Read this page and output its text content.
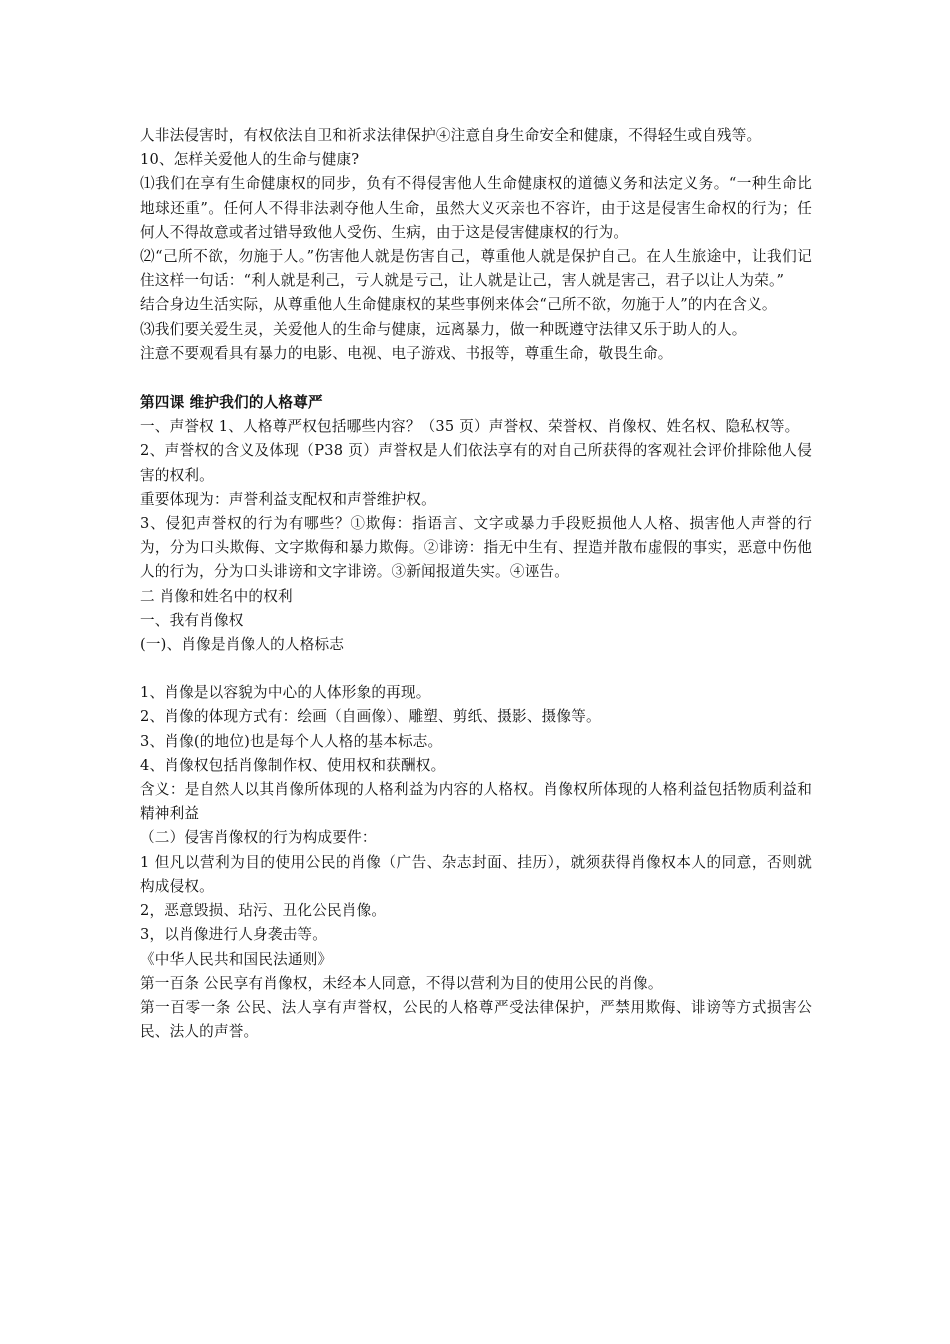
人非法侵害时，有权依法自卫和祈求法律保护④注意自身生命安全和健康，不得轻生或自残等。

10、怎样关爱他人的生命与健康?

⑴我们在享有生命健康权的同步，负有不得侵害他人生命健康权的道德义务和法定义务。“一种生命比地球还重”。任何人不得非法剥夺他人生命，虽然大义灭亲也不容许，由于这是侵害生命权的行为；任何人不得故意或者过错导致他人受伤、生病，由于这是侵害健康权的行为。

⑵“己所不欲，勿施于人。”伤害他人就是伤害自己，尊重他人就是保护自己。在人生旅途中，让我们记住这样一句话：“利人就是利己，亏人就是亏己，让人就是让己，害人就是害己，君子以让人为荣。”

结合身边生活实际，从尊重他人生命健康权的某些事例来体会“己所不欲，勿施于人”的内在含义。

⑶我们要关爱生灵，关爱他人的生命与健康，远离暴力，做一种既遵守法律又乐于助人的人。

注意不要观看具有暴力的电影、电视、电子游戏、书报等，尊重生命，敬畏生命。

第四课 维护我们的人格尊严

一、声誉权 1、人格尊严权包括哪些内容？（35 页）声誉权、荣誉权、肖像权、姓名权、隐私权等。

2、声誉权的含义及体现（P38 页）声誉权是人们依法享有的对自己所获得的客观社会评价排除他人侵害的权利。

重要体现为：声誉利益支配权和声誉维护权。

3、侵犯声誉权的行为有哪些？①欺侮：指语言、文字或暴力手段贬损他人人格、损害他人声誉的行为，分为口头欺侮、文字欺侮和暴力欺侮。②诽谤：指无中生有、捏造并散布虚假的事实，恶意中伤他人的行为，分为口头诽谤和文字诽谤。③新闻报道失实。④诬告。

二 肖像和姓名中的权利

一、我有肖像权

(一)、肖像是肖像人的人格标志

1、肖像是以容貌为中心的人体形象的再现。

2、肖像的体现方式有：绘画（自画像）、雕塑、剪纸、摄影、摄像等。

3、肖像(的地位)也是每个人人格的基本标志。

4、肖像权包括肖像制作权、使用权和获酬权。

含义：是自然人以其肖像所体现的人格利益为内容的人格权。肖像权所体现的人格利益包括物质利益和精神利益

（二）侵害肖像权的行为构成要件：

1 但凡以营利为目的使用公民的肖像（广告、杂志封面、挂历），就须获得肖像权本人的同意，否则就构成侵权。

2，恶意毁损、玷污、丑化公民肖像。

3，以肖像进行人身袭击等。

《中华人民共和国民法通则》

第一百条 公民享有肖像权，未经本人同意，不得以营利为目的使用公民的肖像。

第一百零一条 公民、法人享有声誉权，公民的人格尊严受法律保护，严禁用欺侮、诽谤等方式损害公民、法人的声誉。
